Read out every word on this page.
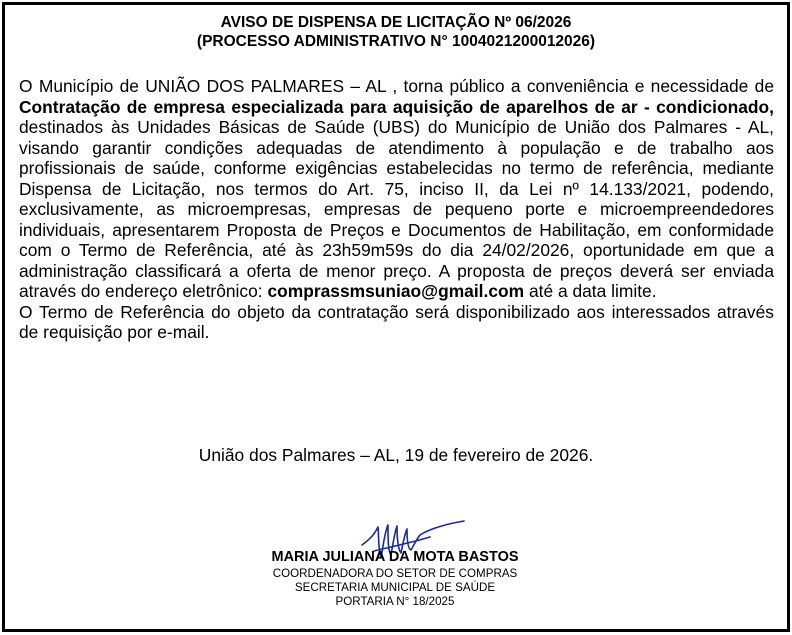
AVISO DE DISPENSA DE LICITAÇÃO Nº 06/2026
(PROCESSO ADMINISTRATIVO N° 1004021200012026)

O Município de UNIÃO DOS PALMARES – AL , torna público a conveniência e necessidade de Contratação de empresa especializada para aquisição de aparelhos de ar - condicionado, destinados às Unidades Básicas de Saúde (UBS) do Município de União dos Palmares - AL, visando garantir condições adequadas de atendimento à população e de trabalho aos profissionais de saúde, conforme exigências estabelecidas no termo de referência, mediante Dispensa de Licitação, nos termos do Art. 75, inciso II, da Lei nº 14.133/2021, podendo, exclusivamente, as microempresas, empresas de pequeno porte e microempreendedores individuais, apresentarem Proposta de Preços e Documentos de Habilitação, em conformidade com o Termo de Referência, até às 23h59m59s do dia 24/02/2026, oportunidade em que a administração classificará a oferta de menor preço. A proposta de preços deverá ser enviada através do endereço eletrônico: comprassmsuniao@gmail.com até a data limite.

O Termo de Referência do objeto da contratação será disponibilizado aos interessados através de requisição por e-mail.

União dos Palmares – AL, 19 de fevereiro de 2026.
MARIA JULIANA DA MOTA BASTOS
COORDENADORA DO SETOR DE COMPRAS
SECRETARIA MUNICIPAL DE SAÚDE
PORTARIA N° 18/2025
